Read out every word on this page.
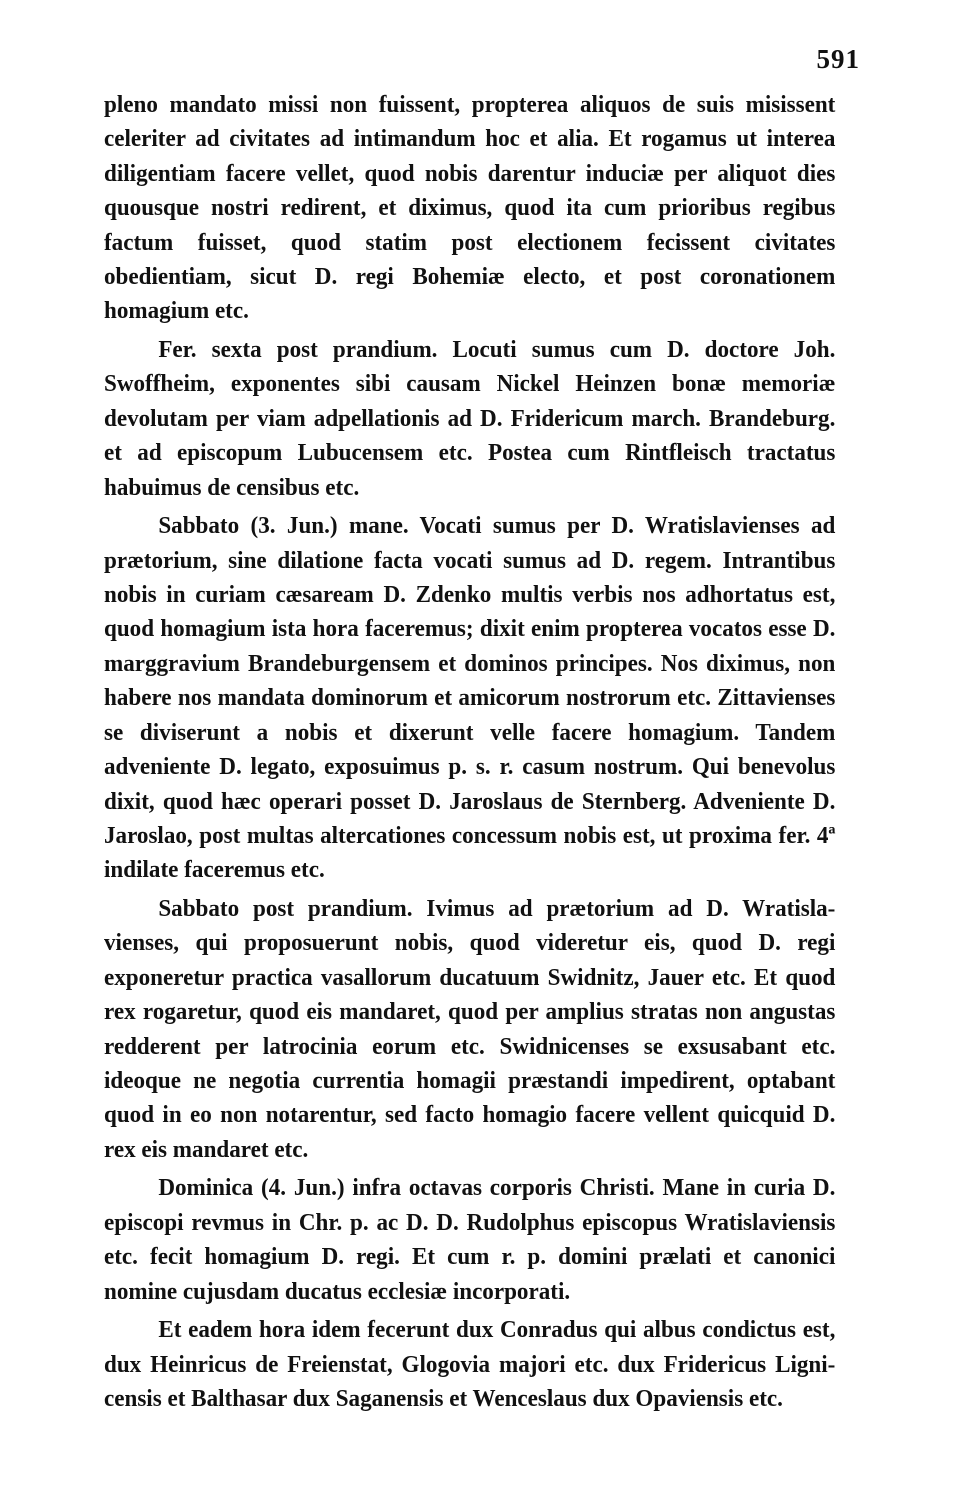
591

pleno mandato missi non fuissent, propterea aliquos de suis misissent celeriter ad civitates ad intimandum hoc et alia. Et rogamus ut interea diligentiam facere vellet, quod nobis darentur induciæ per aliquot dies quousque nostri redirent, et diximus, quod ita cum prioribus regibus factum fuisset, quod statim post electionem fecissent civitates obedientiam, sicut D. regi Bohemiæ electo, et post coronationem homagium etc.

Fer. sexta post prandium. Locuti sumus cum D. doctore Joh. Swoffheim, exponentes sibi causam Nickel Heinzen bonæ memoriæ devolutam per viam adpellationis ad D. Fridericum march. Brandeburg. et ad episcopum Lubucensem etc. Postea cum Rintfleisch tractatus habuimus de censibus etc.

Sabbato (3. Jun.) mane. Vocati sumus per D. Wratislavienses ad prætorium, sine dilatione facta vocati sumus ad D. regem. Intrantibus nobis in curiam cæsaream D. Zdenko multis verbis nos adhortatus est, quod homagium ista hora faceremus; dixit enim propterea vocatos esse D. marggravium Brandeburgensem et dominos principes. Nos diximus, non habere nos mandata dominorum et amicorum nostrorum etc. Zittavienses se diviserunt a nobis et dixerunt velle facere homagium. Tandem adveniente D. legato, exposuimus p. s. r. casum nostrum. Qui benevolus dixit, quod hæc operari posset D. Jaroslaus de Sternberg. Adveniente D. Jaroslao, post multas altercationes concessum nobis est, ut proxima fer. 4ª indilate faceremus etc.

Sabbato post prandium. Ivimus ad prætorium ad D. Wratislavienses, qui proposuerunt nobis, quod videretur eis, quod D. regi exponeretur practica vasallorum ducatuum Swidnitz, Jauer etc. Et quod rex rogaretur, quod eis mandaret, quod per amplius stratas non angustas redderent per latrocinia eorum etc. Swidnicenses se exsusabant etc. ideoque ne negotia currentia homagii præstandi impedirent, optabant quod in eo non notarentur, sed facto homagio facere vellent quicquid D. rex eis mandaret etc.

Dominica (4. Jun.) infra octavas corporis Christi. Mane in curia D. episcopi revmus in Chr. p. ac D. D. Rudolphus episcopus Wratislaviensis etc. fecit homagium D. regi. Et cum r. p. domini prælati et canonici nomine cujusdam ducatus ecclesiæ incorporati.

Et eadem hora idem fecerunt dux Conradus qui albus condictus est, dux Heinricus de Freienstat, Glogovia majori etc. dux Fridericus Lignicensis et Balthasar dux Saganensis et Wenceslaus dux Opaviensis etc.
